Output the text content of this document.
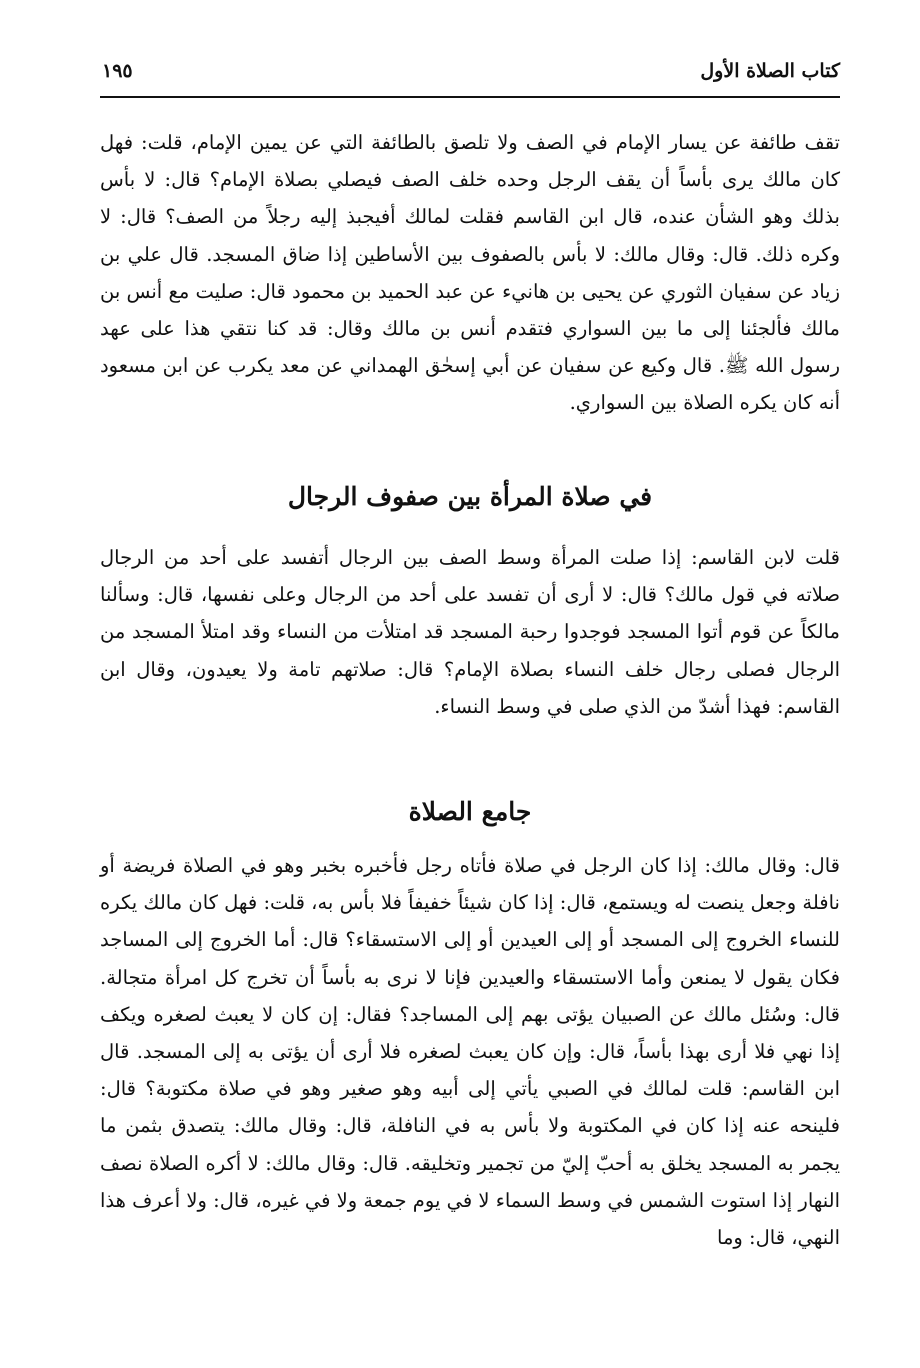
كتاب الصلاة الأول
١٩٥

تقف طائفة عن يسار الإمام في الصف ولا تلصق بالطائفة التي عن يمين الإمام، قلت: فهل كان مالك يرى بأساً أن يقف الرجل وحده خلف الصف فيصلي بصلاة الإمام؟ قال: لا بأس بذلك وهو الشأن عنده، قال ابن القاسم فقلت لمالك أفيجبذ إليه رجلاً من الصف؟ قال: لا وكره ذلك. قال: وقال مالك: لا بأس بالصفوف بين الأساطين إذا ضاق المسجد. قال علي بن زياد عن سفيان الثوري عن يحيى بن هانيء عن عبد الحميد بن محمود قال: صليت مع أنس بن مالك فألجئنا إلى ما بين السواري فتقدم أنس بن مالك وقال: قد كنا نتقي هذا على عهد رسول الله ﷺ. قال وكيع عن سفيان عن أبي إسحٰق الهمداني عن معد يكرب عن ابن مسعود أنه كان يكره الصلاة بين السواري.

في صلاة المرأة بين صفوف الرجال

قلت لابن القاسم: إذا صلت المرأة وسط الصف بين الرجال أتفسد على أحد من الرجال صلاته في قول مالك؟ قال: لا أرى أن تفسد على أحد من الرجال وعلى نفسها، قال: وسألنا مالكاً عن قوم أتوا المسجد فوجدوا رحبة المسجد قد امتلأت من النساء وقد امتلأ المسجد من الرجال فصلى رجال خلف النساء بصلاة الإمام؟ قال: صلاتهم تامة ولا يعيدون، وقال ابن القاسم: فهذا أشدّ من الذي صلى في وسط النساء.

جامع الصلاة

قال: وقال مالك: إذا كان الرجل في صلاة فأتاه رجل فأخبره بخبر وهو في الصلاة فريضة أو نافلة وجعل ينصت له ويستمع، قال: إذا كان شيئاً خفيفاً فلا بأس به، قلت: فهل كان مالك يكره للنساء الخروج إلى المسجد أو إلى العيدين أو إلى الاستسقاء؟ قال: أما الخروج إلى المساجد فكان يقول لا يمنعن وأما الاستسقاء والعيدين فإنا لا نرى به بأساً أن تخرج كل امرأة متجالة. قال: وسُئل مالك عن الصبيان يؤتى بهم إلى المساجد؟ فقال: إن كان لا يعبث لصغره ويكف إذا نهي فلا أرى بهذا بأساً، قال: وإن كان يعبث لصغره فلا أرى أن يؤتى به إلى المسجد. قال ابن القاسم: قلت لمالك في الصبي يأتي إلى أبيه وهو صغير وهو في صلاة مكتوبة؟ قال: فلينحه عنه إذا كان في المكتوبة ولا بأس به في النافلة، قال: وقال مالك: يتصدق بثمن ما يجمر به المسجد يخلق به أحبّ إليّ من تجمير وتخليقه. قال: وقال مالك: لا أكره الصلاة نصف النهار إذا استوت الشمس في وسط السماء لا في يوم جمعة ولا في غيره، قال: ولا أعرف هذا النهي، قال: وما
